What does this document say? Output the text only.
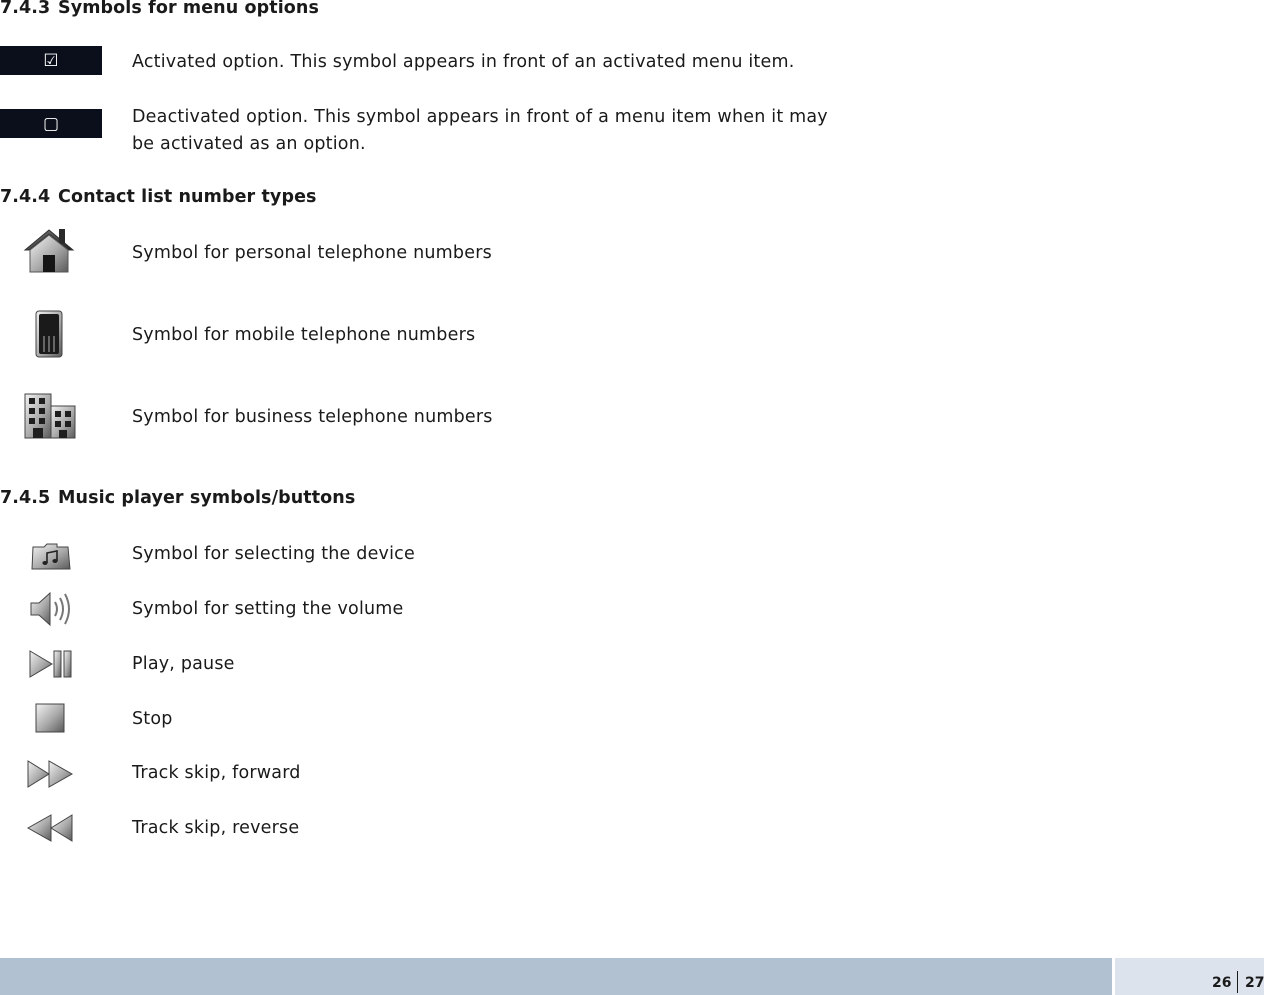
7.4.3 Symbols for menu options
☑	Activated option. This symbol appears in front of an activated menu item.

▢	Deactivated option. This symbol appears in front of a menu item when it may

be activated as an option.

7.4.4 Contact list number types

Symbol for personal telephone numbers

Symbol for mobile telephone numbers

Symbol for business telephone numbers

7.4.5 Music player symbols/buttons

Symbol for selecting the device

Symbol for setting the volume

Play, pause

Stop

Track skip, forward

Track skip, reverse

26 27
